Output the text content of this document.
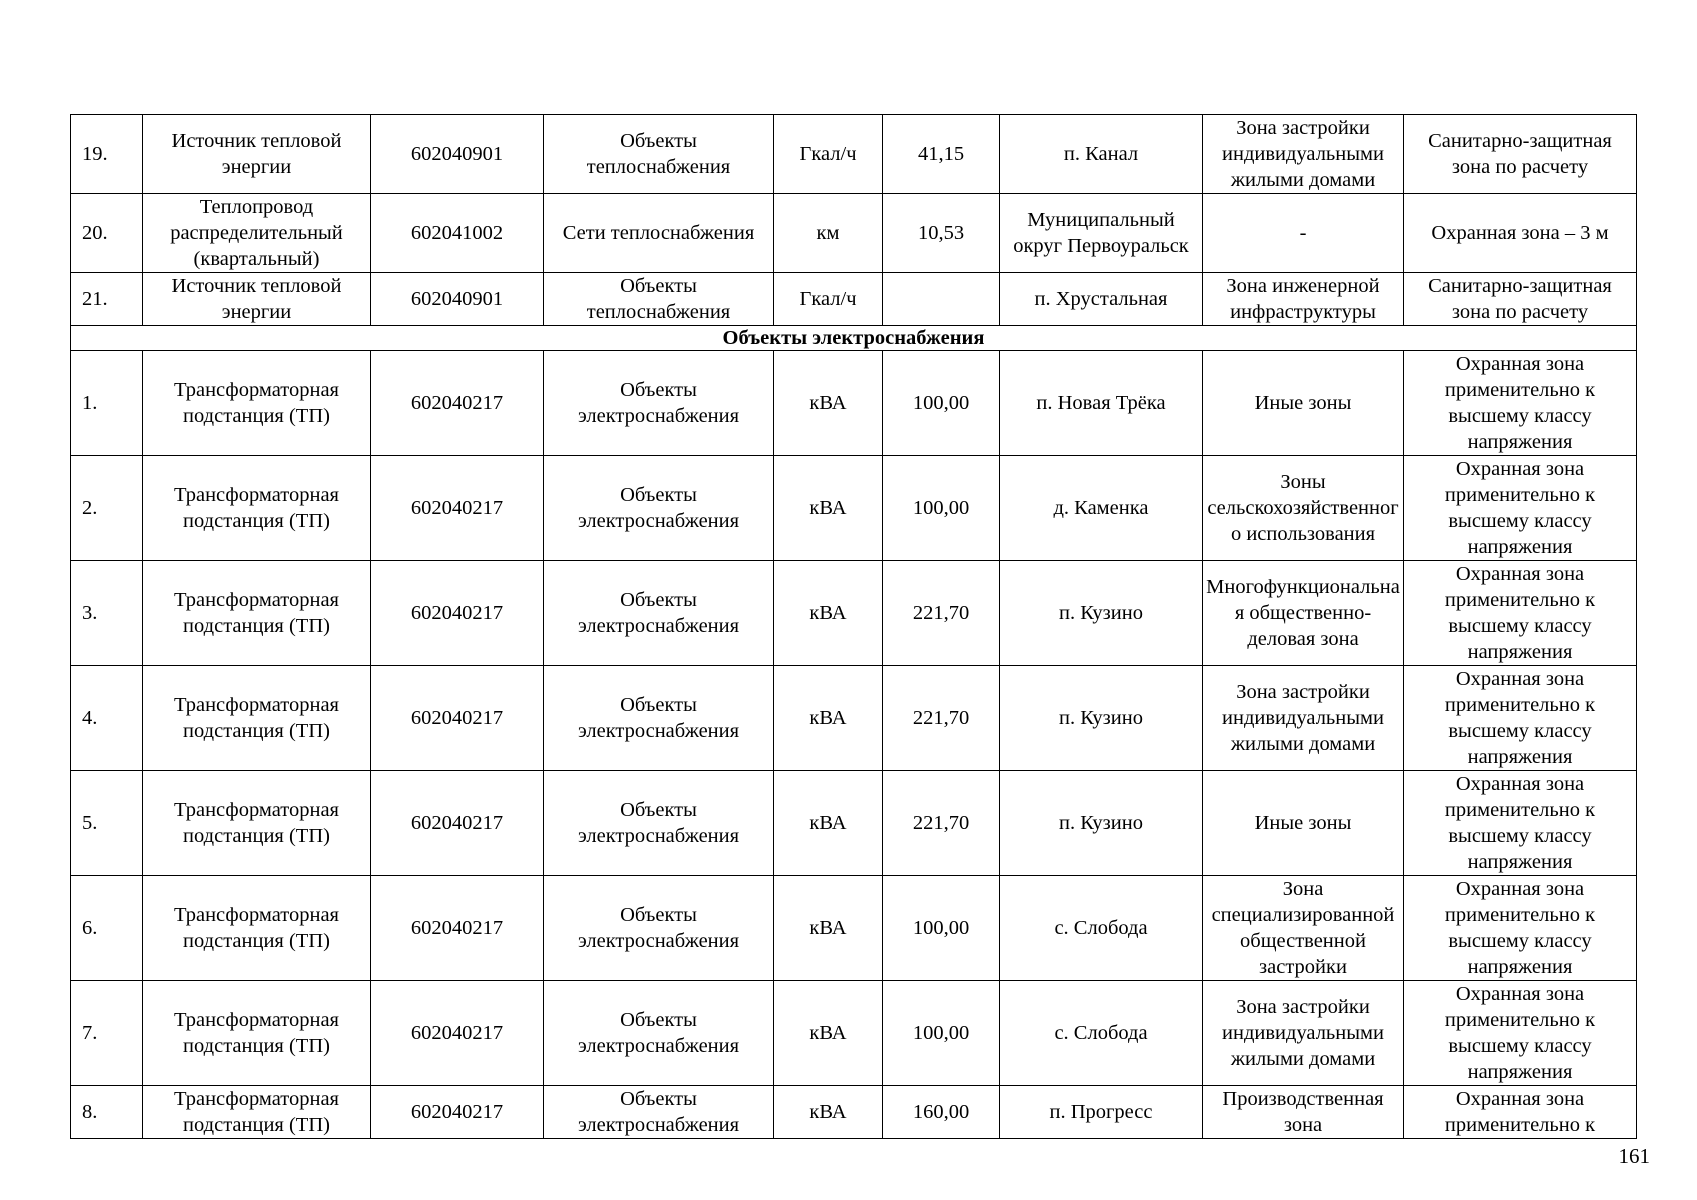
19.	Источник тепловой энергии	602040901	Объекты теплоснабжения	Гкал/ч	41,15	п. Канал	Зона застройки индивидуальными жилыми домами	Санитарно-защитная зона по расчету
20.	Теплопровод распределительный (квартальный)	602041002	Сети теплоснабжения	км	10,53	Муниципальный округ Первоуральск	-	Охранная зона – 3 м
21.	Источник тепловой энергии	602040901	Объекты теплоснабжения	Гкал/ч		п. Хрустальная	Зона инженерной инфраструктуры	Санитарно-защитная зона по расчету
Объекты электроснабжения								
1.	Трансформаторная подстанция (ТП)	602040217	Объекты электроснабжения	кВА	100,00	п. Новая Трёка	Иные зоны	Охранная зона применительно к высшему классу напряжения
2.	Трансформаторная подстанция (ТП)	602040217	Объекты электроснабжения	кВА	100,00	д. Каменка	Зоны сельскохозяйственного использования	Охранная зона применительно к высшему классу напряжения
3.	Трансформаторная подстанция (ТП)	602040217	Объекты электроснабжения	кВА	221,70	п. Кузино	Многофункциональная общественно-деловая зона	Охранная зона применительно к высшему классу напряжения
4.	Трансформаторная подстанция (ТП)	602040217	Объекты электроснабжения	кВА	221,70	п. Кузино	Зона застройки индивидуальными жилыми домами	Охранная зона применительно к высшему классу напряжения
5.	Трансформаторная подстанция (ТП)	602040217	Объекты электроснабжения	кВА	221,70	п. Кузино	Иные зоны	Охранная зона применительно к высшему классу напряжения
6.	Трансформаторная подстанция (ТП)	602040217	Объекты электроснабжения	кВА	100,00	с. Слобода	Зона специализированной общественной застройки	Охранная зона применительно к высшему классу напряжения
7.	Трансформаторная подстанция (ТП)	602040217	Объекты электроснабжения	кВА	100,00	с. Слобода	Зона застройки индивидуальными жилыми домами	Охранная зона применительно к высшему классу напряжения
8.	Трансформаторная подстанция (ТП)	602040217	Объекты электроснабжения	кВА	160,00	п. Прогресс	Производственная зона	Охранная зона применительно к
161
